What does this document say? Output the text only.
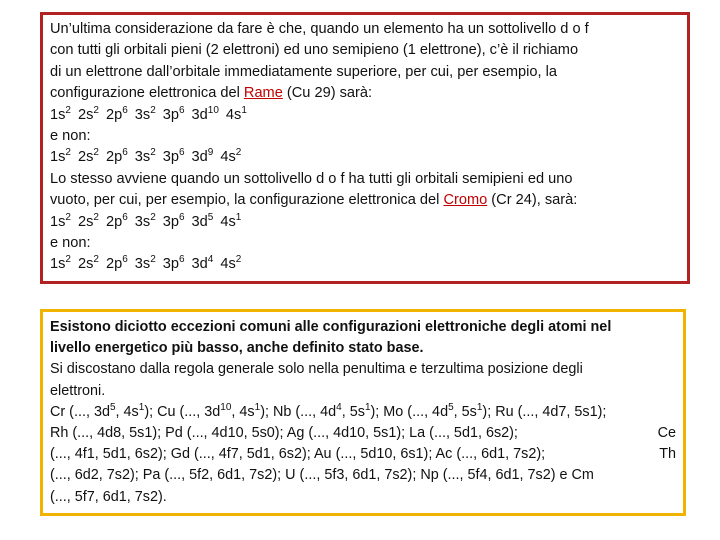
Un’ultima considerazione da fare è che, quando un elemento ha un sottolivello d o f
con tutti gli orbitali pieni (2 elettroni) ed uno semipieno (1 elettrone), c’è il richiamo
di un elettrone dall’orbitale immediatamente superiore, per cui, per esempio, la
configurazione elettronica del Rame (Cu 29) sarà:
$1s^2$ $2s^2$ $2p^6$ $3s^2$ $3p^6$ $3d^{10}$ $4s^1$
e non:
$1s^2$ $2s^2$ $2p^6$ $3s^2$ $3p^6$ $3d^9$ $4s^2$
Lo stesso avviene quando un sottolivello d o f ha tutti gli orbitali semipieni ed uno
vuoto, per cui, per esempio, la configurazione elettronica del Cromo (Cr 24), sarà:
$1s^2$ $2s^2$ $2p^6$ $3s^2$ $3p^6$ $3d^5$ $4s^1$
e non:
$1s^2$ $2s^2$ $2p^6$ $3s^2$ $3p^6$ $3d^4$ $4s^2$
Esistono diciotto eccezioni comuni alle configurazioni elettroniche degli atomi nel
livello energetico più basso, anche definito stato base.
Si discostano dalla regola generale solo nella penultima e terzultima posizione degli
elettroni.
Cr (..., $3d^5$, $4s^1$); Cu (..., $3d^{10}$, $4s^1$); Nb (..., $4d^4$, $5s^1$); Mo (..., $4d^5$, $5s^1$); Ru (..., 4d7, 5s1);
Rh (..., 4d8, 5s1); Pd (..., 4d10, 5s0); Ag (..., 4d10, 5s1); La (..., 5d1, 6s2);	Ce
(..., 4f1, 5d1, 6s2); Gd (..., 4f7, 5d1, 6s2); Au (..., 5d10, 6s1); Ac (..., 6d1, 7s2);	Th
(..., 6d2, 7s2); Pa (..., 5f2, 6d1, 7s2); U (..., 5f3, 6d1, 7s2); Np (..., 5f4, 6d1, 7s2) e Cm
(..., 5f7, 6d1, 7s2).
